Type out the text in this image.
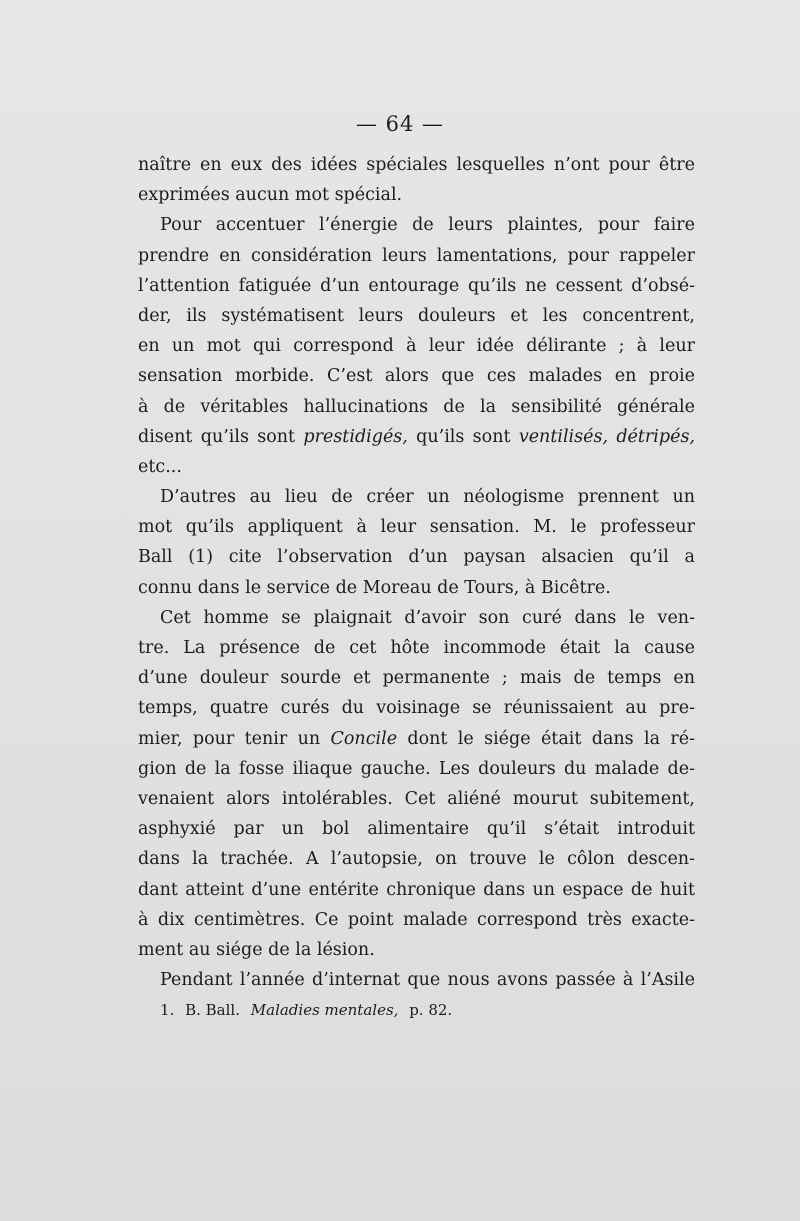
— 64 —
naître en eux des idées spéciales lesquelles n’ont pour être
exprimées aucun mot spécial.
Pour accentuer l’énergie de leurs plaintes, pour faire
prendre en considération leurs lamentations, pour rappeler
l’attention fatiguée d’un entourage qu’ils ne cessent d’obsé-
der, ils systématisent leurs douleurs et les concentrent,
en un mot qui correspond à leur idée délirante ; à leur
sensation morbide. C’est alors que ces malades en proie
à de véritables hallucinations de la sensibilité générale
disent qu’ils sont prestidigés, qu’ils sont ventilisés, détripés,
etc...
D’autres au lieu de créer un néologisme prennent un
mot qu’ils appliquent à leur sensation. M. le professeur
Ball (1) cite l’observation d’un paysan alsacien qu’il a
connu dans le service de Moreau de Tours, à Bicêtre.
Cet homme se plaignait d’avoir son curé dans le ven-
tre. La présence de cet hôte incommode était la cause
d’une douleur sourde et permanente ; mais de temps en
temps, quatre curés du voisinage se réunissaient au pre-
mier, pour tenir un Concile dont le siége était dans la ré-
gion de la fosse iliaque gauche. Les douleurs du malade de-
venaient alors intolérables. Cet aliéné mourut subitement,
asphyxié par un bol alimentaire qu’il s’était introduit
dans la trachée. A l’autopsie, on trouve le côlon descen-
dant atteint d’une entérite chronique dans un espace de huit
à dix centimètres. Ce point malade correspond très exacte-
ment au siége de la lésion.
Pendant l’année d’internat que nous avons passée à l’Asile
1. B. Ball. Maladies mentales, p. 82.
